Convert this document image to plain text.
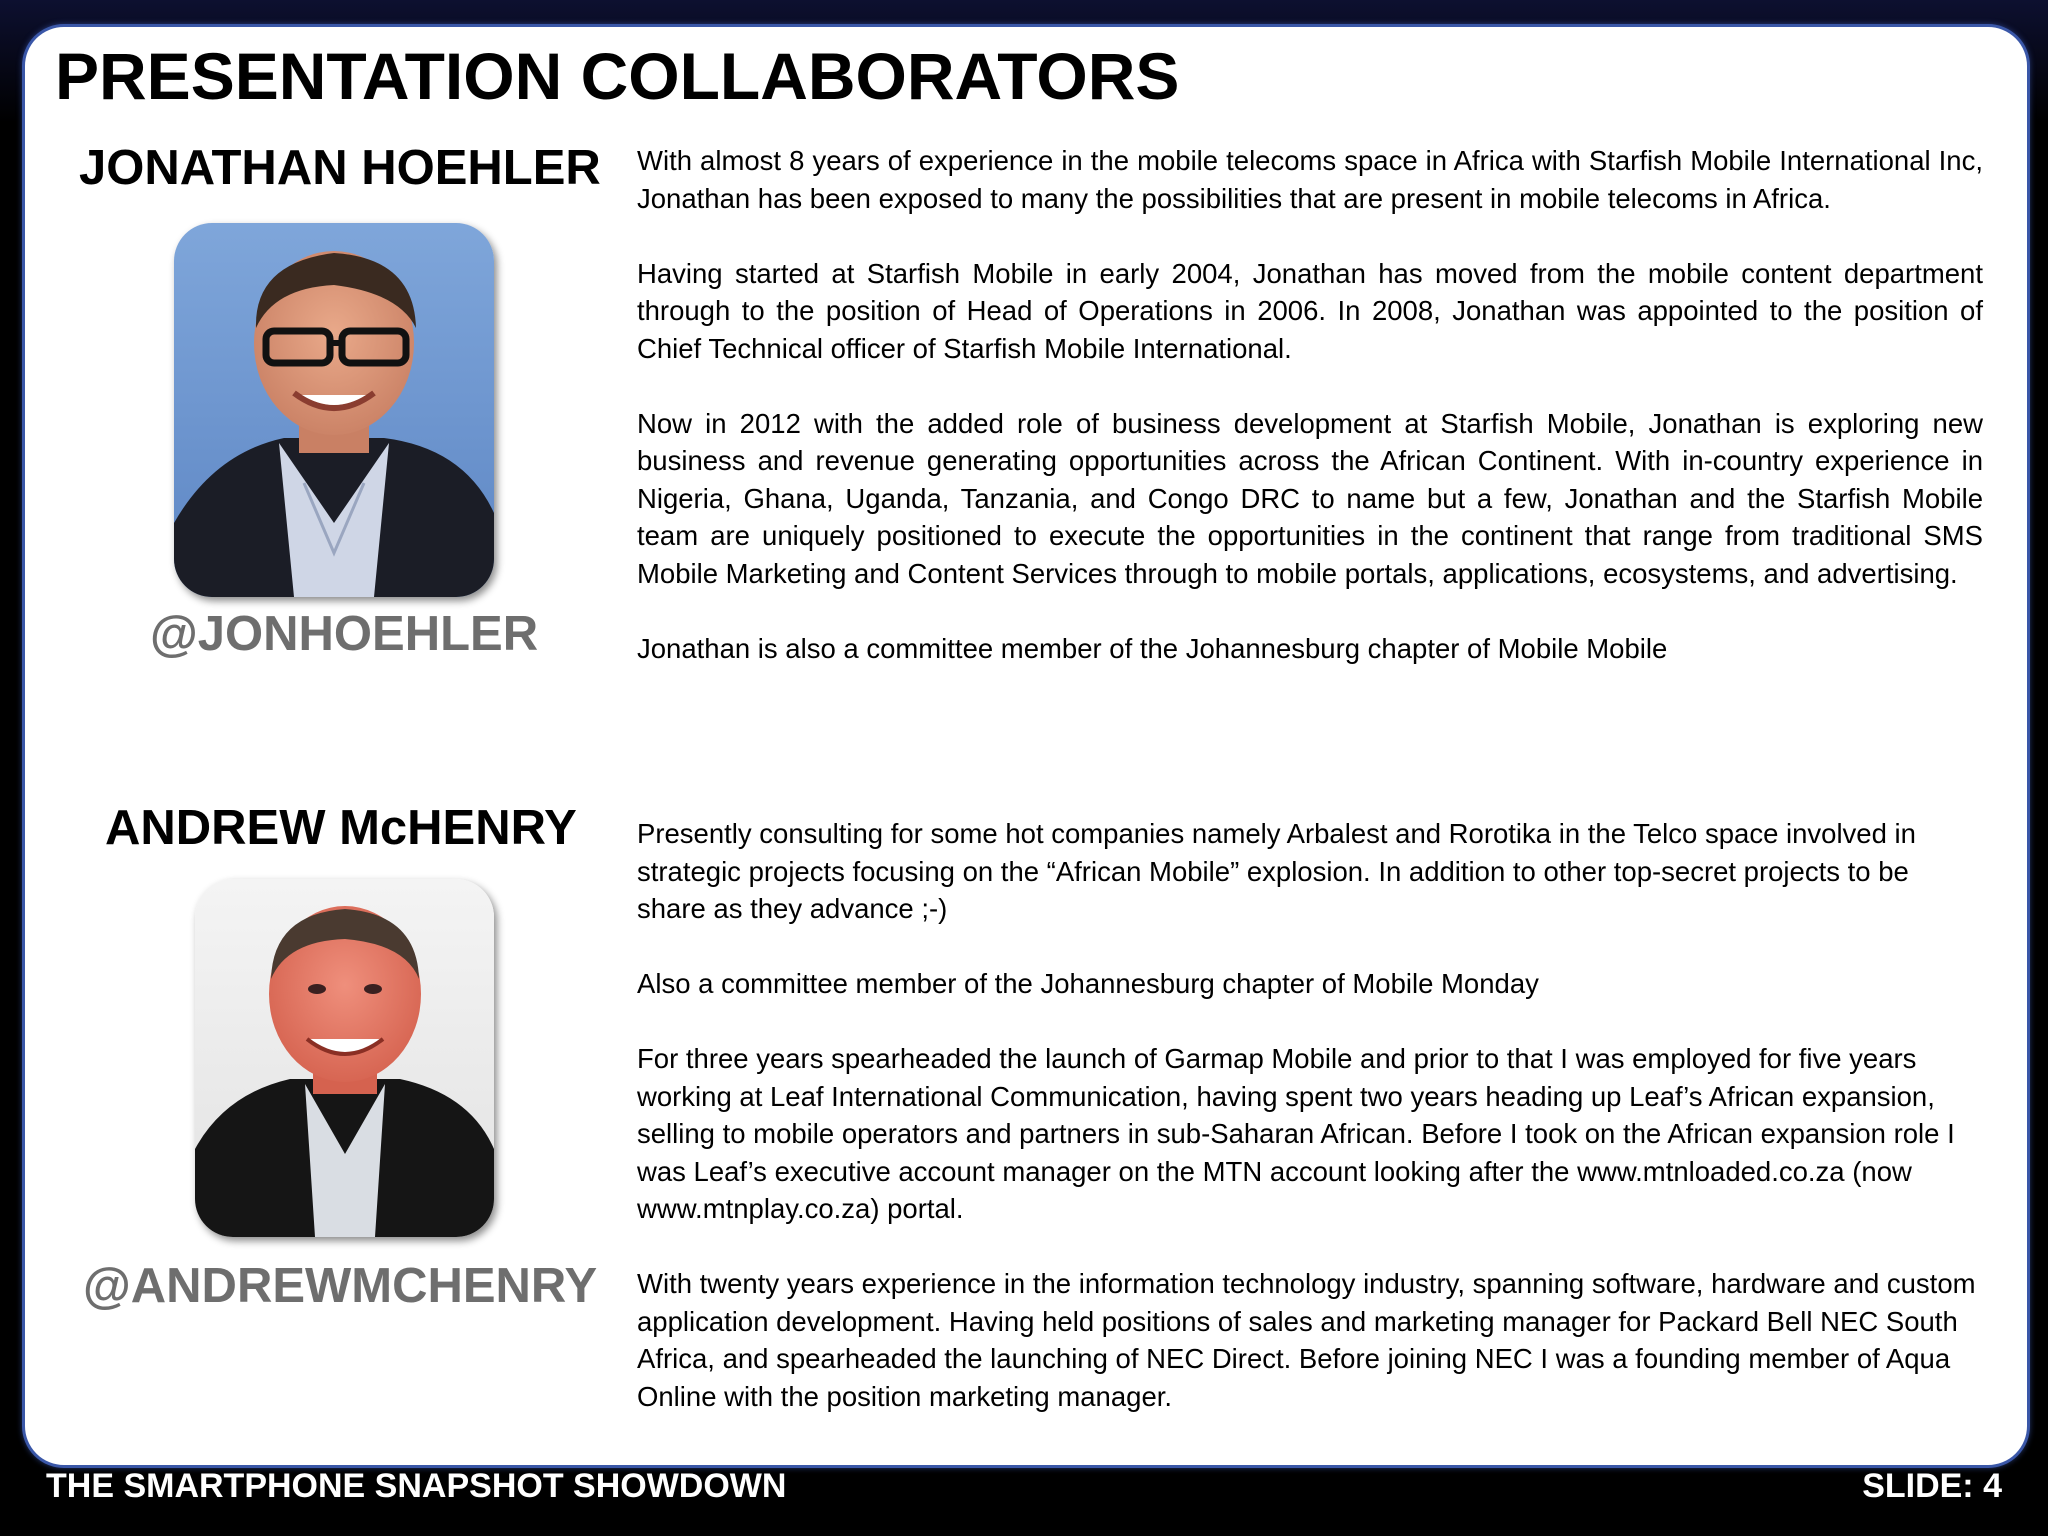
PRESENTATION COLLABORATORS
JONATHAN HOEHLER
@JONHOEHLER

With almost 8 years of experience in the mobile telecoms space in Africa with Starfish Mobile International Inc, Jonathan has been exposed to many the possibilities that are present in mobile telecoms in Africa.

Having started at Starfish Mobile in early 2004, Jonathan has moved from the mobile content department through to the position of Head of Operations in 2006. In 2008, Jonathan was appointed to the position of Chief Technical officer of Starfish Mobile International.

Now in 2012 with the added role of business development at Starfish Mobile, Jonathan is exploring new business and revenue generating opportunities across the African Continent. With in-country experience in Nigeria, Ghana, Uganda, Tanzania, and Congo DRC to name but a few, Jonathan and the Starfish Mobile team are uniquely positioned to execute the opportunities in the continent that range from traditional SMS Mobile Marketing and Content Services through to mobile portals, applications, ecosystems, and advertising.

Jonathan is also a committee member of the Johannesburg chapter of Mobile Mobile

ANDREW McHENRY
@ANDREWMCHENRY

Presently consulting for some hot companies namely Arbalest and Rorotika in the Telco space involved in strategic projects focusing on the “African Mobile” explosion. In addition to other top-secret projects to be share as they advance ;-)

Also a committee member of the Johannesburg chapter of Mobile Monday

For three years spearheaded the launch of Garmap Mobile and prior to that I was employed for five years working at Leaf International Communication, having spent two years heading up Leaf’s African expansion, selling to mobile operators and partners in sub-Saharan African. Before I took on the African expansion role I was Leaf’s executive account manager on the MTN account looking after the www.mtnloaded.co.za (now www.mtnplay.co.za) portal.

With twenty years experience in the information technology industry, spanning software, hardware and custom application development. Having held positions of sales and marketing manager for Packard Bell NEC South Africa, and spearheaded the launching of NEC Direct. Before joining NEC I was a founding member of Aqua Online with the position marketing manager.

THE SMARTPHONE SNAPSHOT SHOWDOWN	SLIDE: 4
